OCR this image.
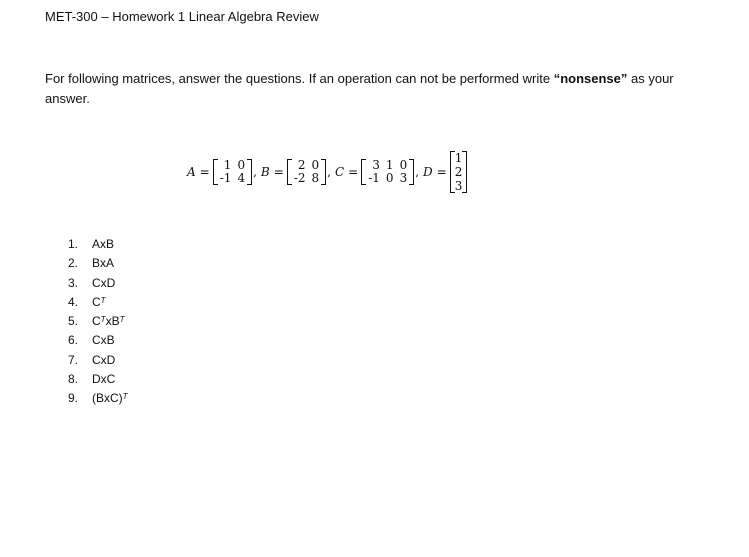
MET-300 – Homework 1 Linear Algebra Review
For following matrices, answer the questions. If an operation can not be performed write “nonsense” as your answer.
A = 1	0
-1	4 , B = 2	0
-2	8 , C = 3	1	0
-1	0	3 , D =
1
2
3
1.	AxB
2.	BxA
3.	CxD
4.	$C^T$
5.	$C^TxB^T$
6.	CxB
7.	CxD
8.	DxC
9.	(BxC)$^T$
